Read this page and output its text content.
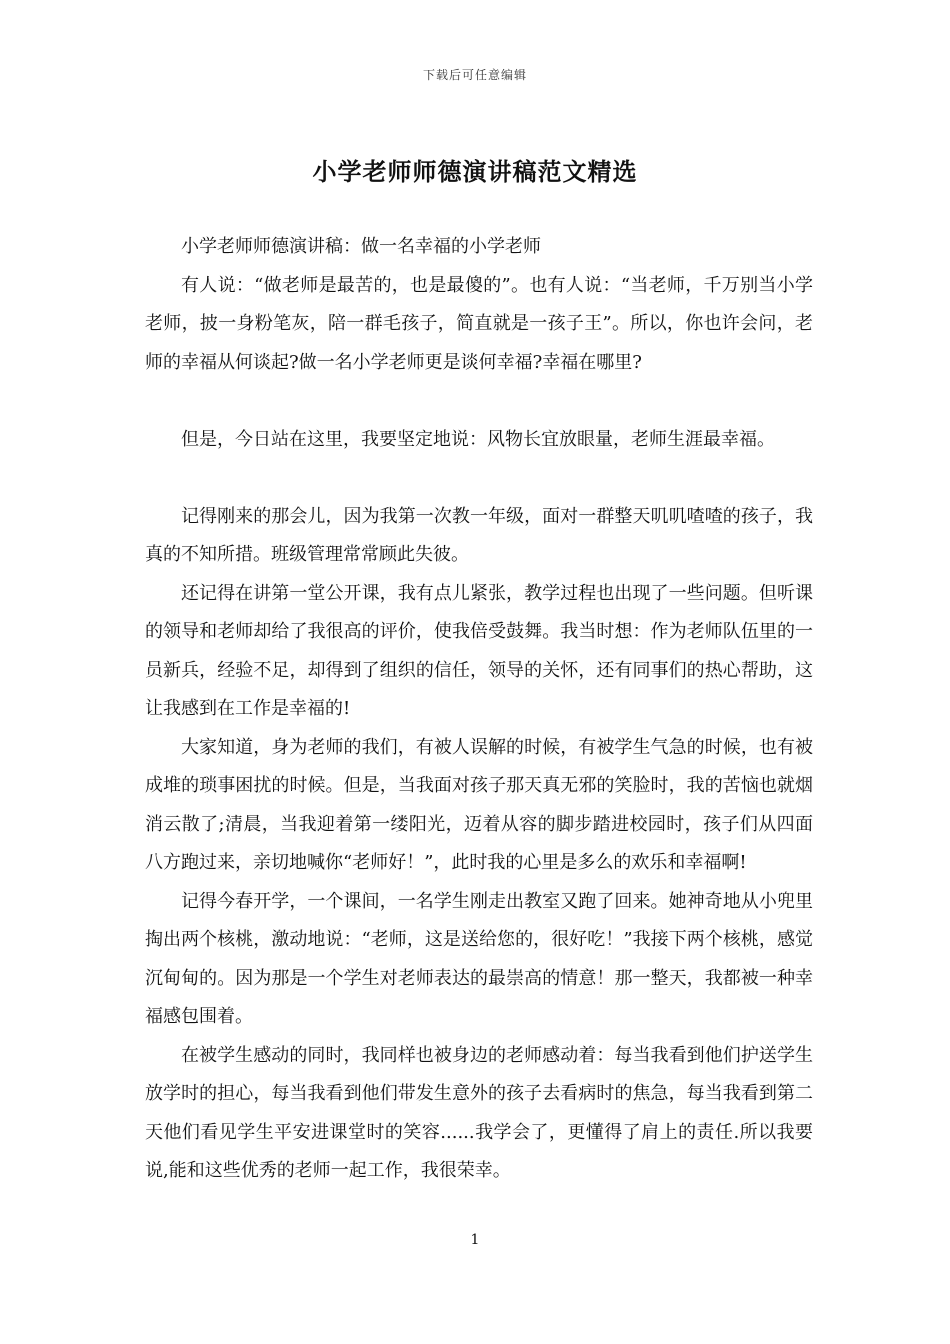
下载后可任意编辑
小学老师师德演讲稿范文精选

小学老师师德演讲稿：做一名幸福的小学老师

有人说：“做老师是最苦的，也是最傻的”。也有人说：“当老师，千万别当小学老师，披一身粉笔灰，陪一群毛孩子，简直就是一孩子王”。所以，你也许会问，老师的幸福从何谈起?做一名小学老师更是谈何幸福?幸福在哪里?

但是，今日站在这里，我要坚定地说：风物长宜放眼量，老师生涯最幸福。

记得刚来的那会儿，因为我第一次教一年级，面对一群整天叽叽喳喳的孩子，我真的不知所措。班级管理常常顾此失彼。

还记得在讲第一堂公开课，我有点儿紧张，教学过程也出现了一些问题。但听课的领导和老师却给了我很高的评价，使我倍受鼓舞。我当时想：作为老师队伍里的一员新兵，经验不足，却得到了组织的信任，领导的关怀，还有同事们的热心帮助，这让我感到在工作是幸福的!

大家知道，身为老师的我们，有被人误解的时候，有被学生气急的时候，也有被成堆的琐事困扰的时候。但是，当我面对孩子那天真无邪的笑脸时，我的苦恼也就烟消云散了;清晨，当我迎着第一缕阳光，迈着从容的脚步踏进校园时，孩子们从四面八方跑过来，亲切地喊你“老师好！”，此时我的心里是多么的欢乐和幸福啊!

记得今春开学，一个课间，一名学生刚走出教室又跑了回来。她神奇地从小兜里掏出两个核桃，激动地说：“老师，这是送给您的，很好吃！”我接下两个核桃，感觉沉甸甸的。因为那是一个学生对老师表达的最崇高的情意！那一整天，我都被一种幸福感包围着。

在被学生感动的同时，我同样也被身边的老师感动着：每当我看到他们护送学生放学时的担心，每当我看到他们带发生意外的孩子去看病时的焦急，每当我看到第二天他们看见学生平安进课堂时的笑容......我学会了，更懂得了肩上的责任.所以我要说,能和这些优秀的老师一起工作，我很荣幸。

1
